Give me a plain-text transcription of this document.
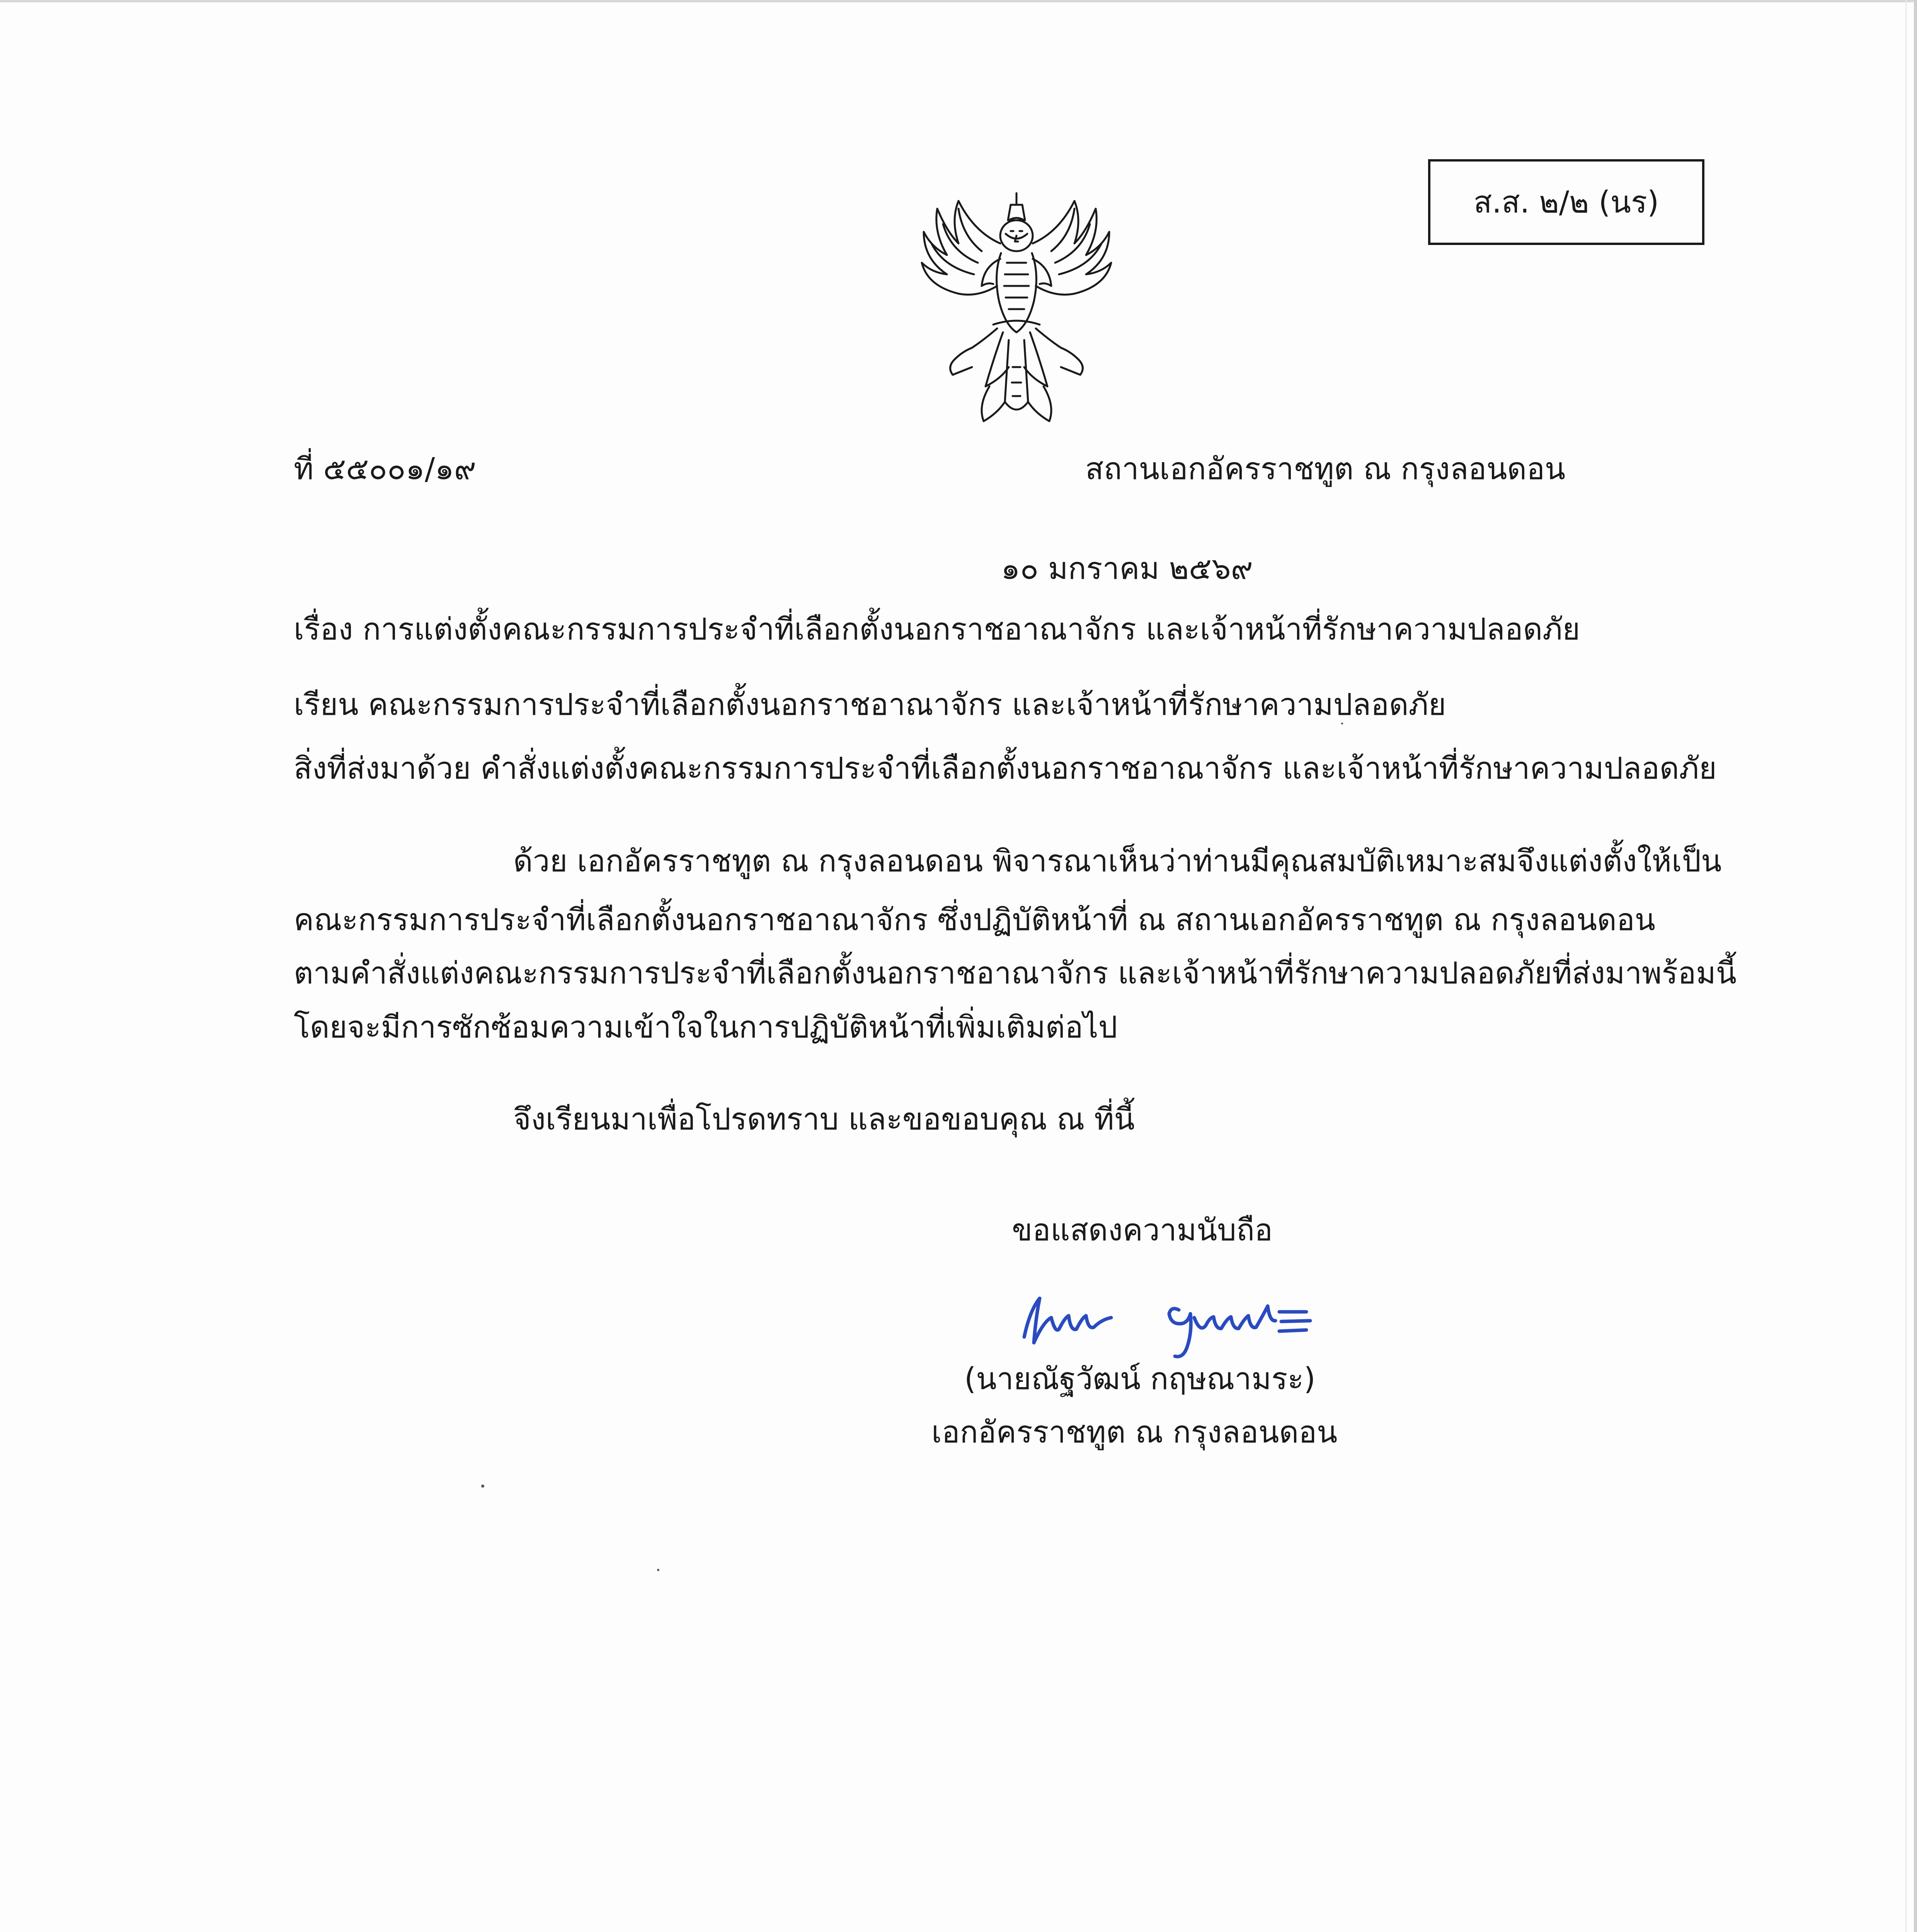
ส.ส. ๒/๒ (นร)
ที่ ๕๕๐๐๑/๑๙	สถานเอกอัครราชทูต ณ กรุงลอนดอน
๑๐ มกราคม ๒๕๖๙
เรื่อง การแต่งตั้งคณะกรรมการประจำที่เลือกตั้งนอกราชอาณาจักร และเจ้าหน้าที่รักษาความปลอดภัย
เรียน คณะกรรมการประจำที่เลือกตั้งนอกราชอาณาจักร และเจ้าหน้าที่รักษาความปลอดภัย
สิ่งที่ส่งมาด้วย คำสั่งแต่งตั้งคณะกรรมการประจำที่เลือกตั้งนอกราชอาณาจักร และเจ้าหน้าที่รักษาความปลอดภัย
ด้วย เอกอัครราชทูต ณ กรุงลอนดอน พิจารณาเห็นว่าท่านมีคุณสมบัติเหมาะสมจึงแต่งตั้งให้เป็น
คณะกรรมการประจำที่เลือกตั้งนอกราชอาณาจักร ซึ่งปฏิบัติหน้าที่ ณ สถานเอกอัครราชทูต ณ กรุงลอนดอน
ตามคำสั่งแต่งคณะกรรมการประจำที่เลือกตั้งนอกราชอาณาจักร และเจ้าหน้าที่รักษาความปลอดภัยที่ส่งมาพร้อมนี้
โดยจะมีการซักซ้อมความเข้าใจในการปฏิบัติหน้าที่เพิ่มเติมต่อไป
จึงเรียนมาเพื่อโปรดทราบ และขอขอบคุณ ณ ที่นี้
ขอแสดงความนับถือ
(นายณัฐวัฒน์ กฤษณามระ)
เอกอัครราชทูต ณ กรุงลอนดอน
